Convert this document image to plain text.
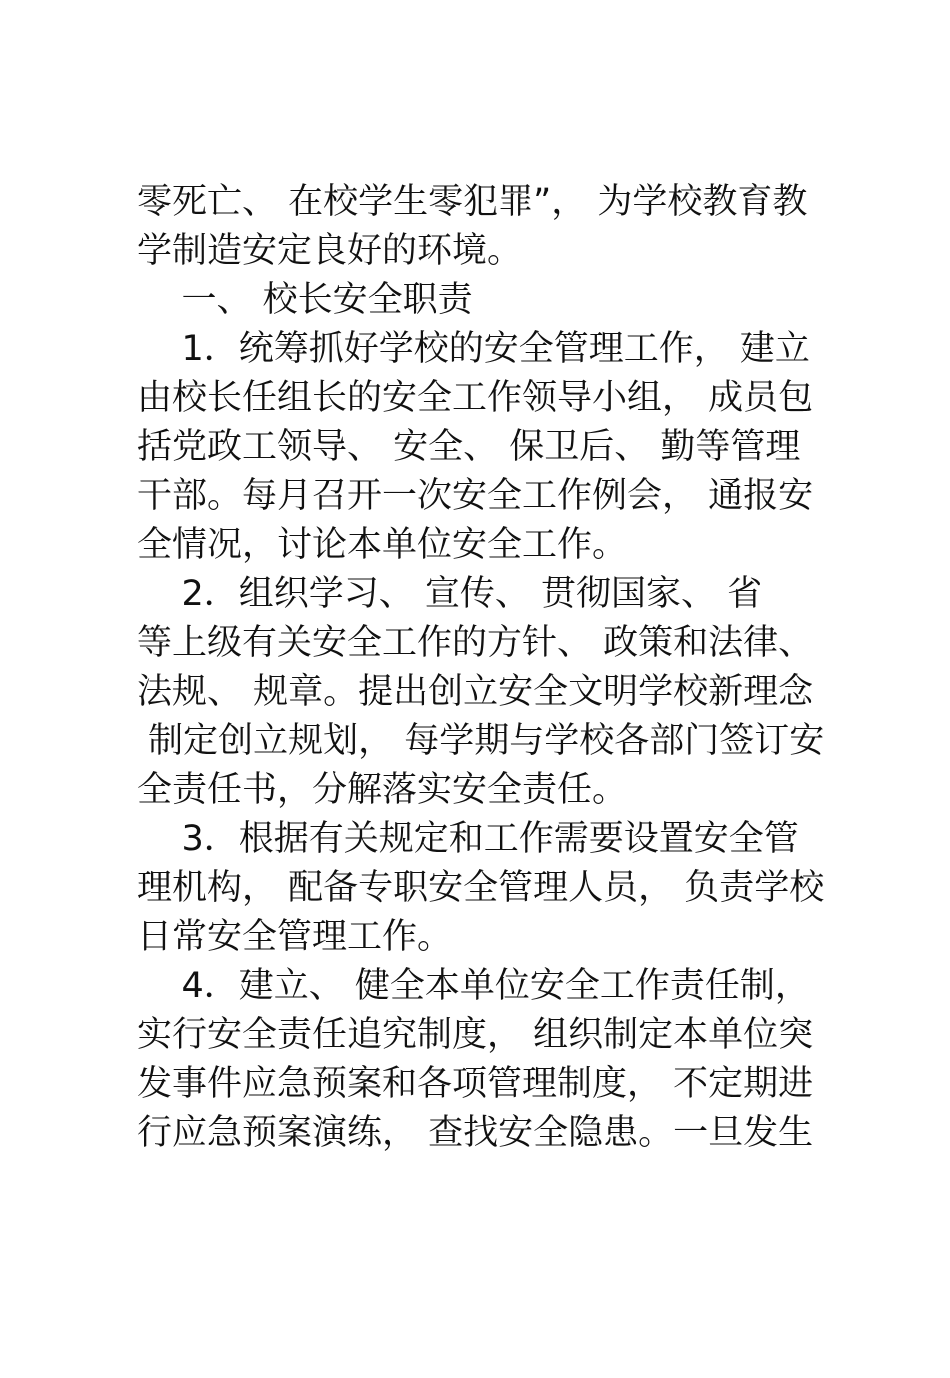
零死亡、 在校学生零犯罪”， 为学校教育教
学制造安定良好的环境。
一、 校长安全职责
1．统筹抓好学校的安全管理工作， 建立
由校长任组长的安全工作领导小组， 成员包
括党政工领导、 安全、 保卫后、 勤等管理
干部。每月召开一次安全工作例会， 通报安
全情况，讨论本单位安全工作。
2．组织学习、 宣传、 贯彻国家、 省
等上级有关安全工作的方针、 政策和法律、
法规、 规章。提出创立安全文明学校新理念
制定创立规划， 每学期与学校各部门签订安
全责任书，分解落实安全责任。
3．根据有关规定和工作需要设置安全管
理机构， 配备专职安全管理人员， 负责学校
日常安全管理工作。
4．建立、 健全本单位安全工作责任制，
实行安全责任追究制度， 组织制定本单位突
发事件应急预案和各项管理制度， 不定期进
行应急预案演练， 查找安全隐患。一旦发生
